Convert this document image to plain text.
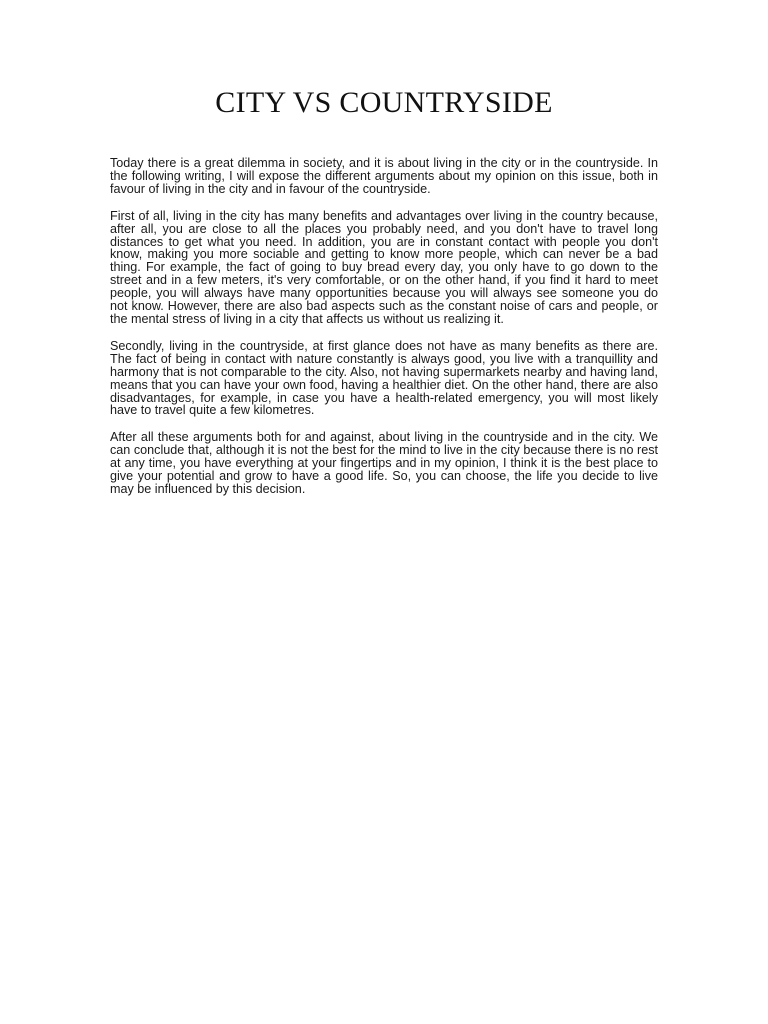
CITY VS COUNTRYSIDE

Today there is a great dilemma in society, and it is about living in the city or in the countryside. In the following writing, I will expose the different arguments about my opinion on this issue, both in favour of living in the city and in favour of the countryside.

First of all, living in the city has many benefits and advantages over living in the country because, after all, you are close to all the places you probably need, and you don't have to travel long distances to get what you need. In addition, you are in constant contact with people you don't know, making you more sociable and getting to know more people, which can never be a bad thing. For example, the fact of going to buy bread every day, you only have to go down to the street and in a few meters, it's very comfortable, or on the other hand, if you find it hard to meet people, you will always have many opportunities because you will always see someone you do not know. However, there are also bad aspects such as the constant noise of cars and people, or the mental stress of living in a city that affects us without us realizing it.

Secondly, living in the countryside, at first glance does not have as many benefits as there are. The fact of being in contact with nature constantly is always good, you live with a tranquillity and harmony that is not comparable to the city. Also, not having supermarkets nearby and having land, means that you can have your own food, having a healthier diet. On the other hand, there are also disadvantages, for example, in case you have a health-related emergency, you will most likely have to travel quite a few kilometres.

After all these arguments both for and against, about living in the countryside and in the city. We can conclude that, although it is not the best for the mind to live in the city because there is no rest at any time, you have everything at your fingertips and in my opinion, I think it is the best place to give your potential and grow to have a good life. So, you can choose, the life you decide to live may be influenced by this decision.
